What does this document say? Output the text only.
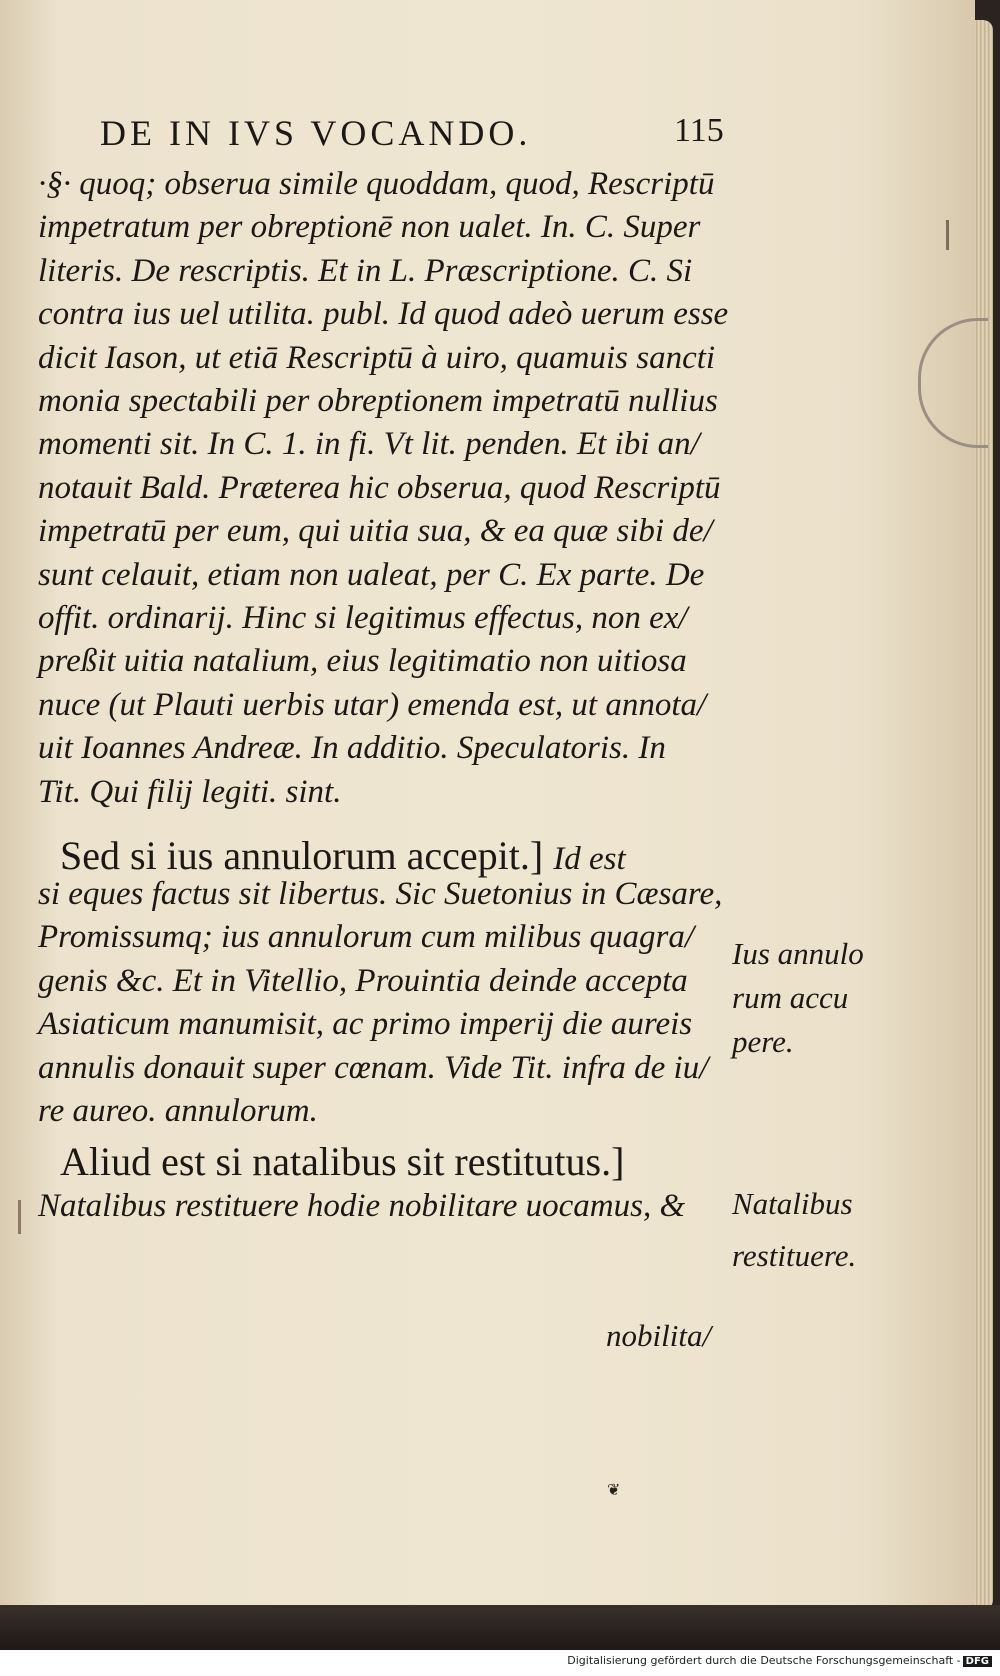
DE IN IVS VOCANDO.	115
·§· quoq; obserua simile quoddam, quod, Rescriptū
impetratum per obreptionē non ualet. In. C. Super
literis. De rescriptis. Et in L. Præscriptione. C. Si
contra ius uel utilita. publ. Id quod adeò uerum esse
dicit Iason, ut etiā Rescriptū à uiro, quamuis sancti
monia spectabili per obreptionem impetratū nullius
momenti sit. In C. 1. in fi. Vt lit. penden. Et ibi an/
notauit Bald. Præterea hic obserua, quod Rescriptū
impetratū per eum, qui uitia sua, & ea quæ sibi de/
sunt celauit, etiam non ualeat, per C. Ex parte. De
offit. ordinarij. Hinc si legitimus effectus, non ex/
preßit uitia natalium, eius legitimatio non uitiosa
nuce (ut Plauti uerbis utar) emenda est, ut annota/
uit Ioannes Andreæ. In additio. Speculatoris. In
Tit. Qui filij legiti. sint.
Sed si ius annulorum accepit.] Id est
si eques factus sit libertus. Sic Suetonius in Cæsare,
Promissumq; ius annulorum cum milibus quagra/
genis &c. Et in Vitellio, Prouintia deinde accepta
Asiaticum manumisit, ac primo imperij die aureis
annulis donauit super cœnam. Vide Tit. infra de iu/
re aureo. annulorum.
Aliud est si natalibus sit restitutus.]
Natalibus restituere hodie nobilitare uocamus, &
Ius annulo
rum accu
pere.
Natalibus
restituere.
nobilita/
❦
Digitalisierung gefördert durch die Deutsche Forschungsgemeinschaft - DFG
